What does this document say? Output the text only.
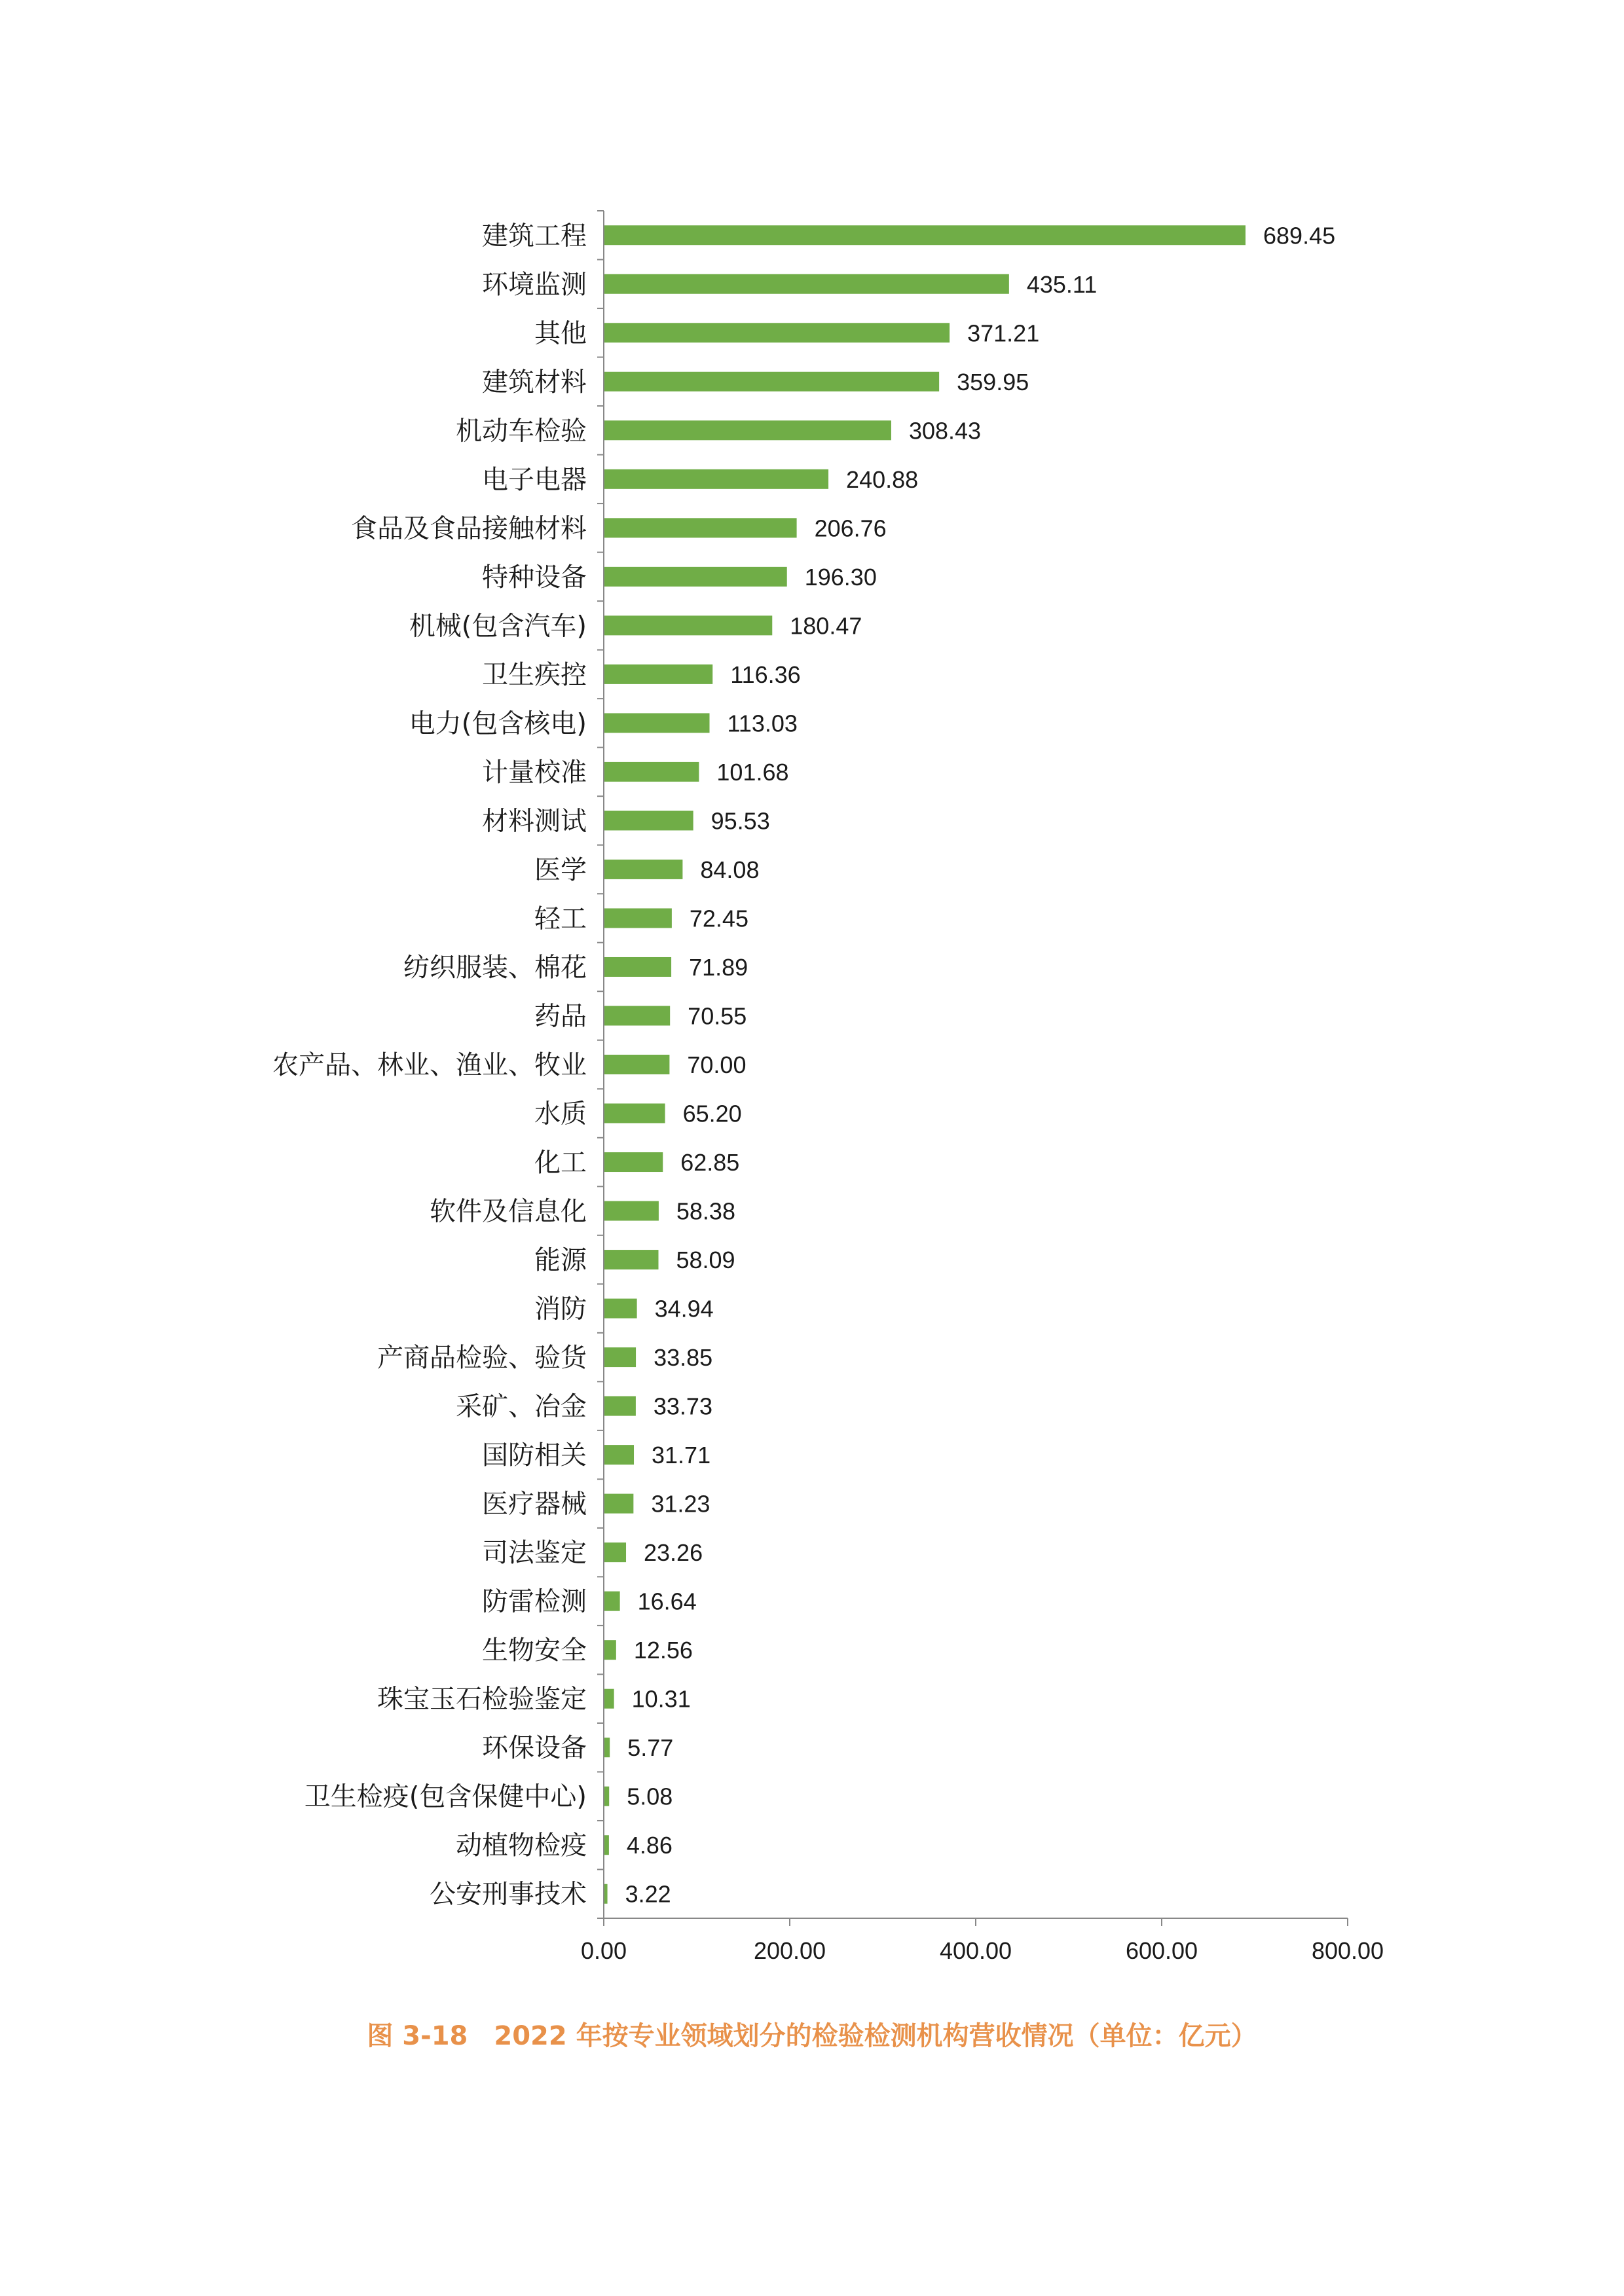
0.00	200.00	400.00	600.00	800.00
建筑工程	689.45
环境监测	435.11
其他	371.21
建筑材料	359.95
机动车检验	308.43
电子电器	240.88
食品及食品接触材料	206.76
特种设备	196.30
机械(包含汽车)	180.47
卫生疾控	116.36
电力(包含核电)	113.03
计量校准	101.68
材料测试	95.53
医学	84.08
轻工	72.45
纺织服装、棉花	71.89
药品	70.55
农产品、林业、渔业、牧业	70.00
水质	65.20
化工	62.85
软件及信息化	58.38
能源	58.09
消防	34.94
产商品检验、验货	33.85
采矿、冶金	33.73
国防相关	31.71
医疗器械	31.23
司法鉴定 23.26
防雷检测 16.64
生物安全 12.56
珠宝玉石检验鉴定 10.31
环保设备 5.77
卫生检疫(包含保健中心) 5.08
动植物检疫 4.86
公安刑事技术 3.22
图 3-18　2022 年按专业领域划分的检验检测机构营收情况（单位：亿元）
